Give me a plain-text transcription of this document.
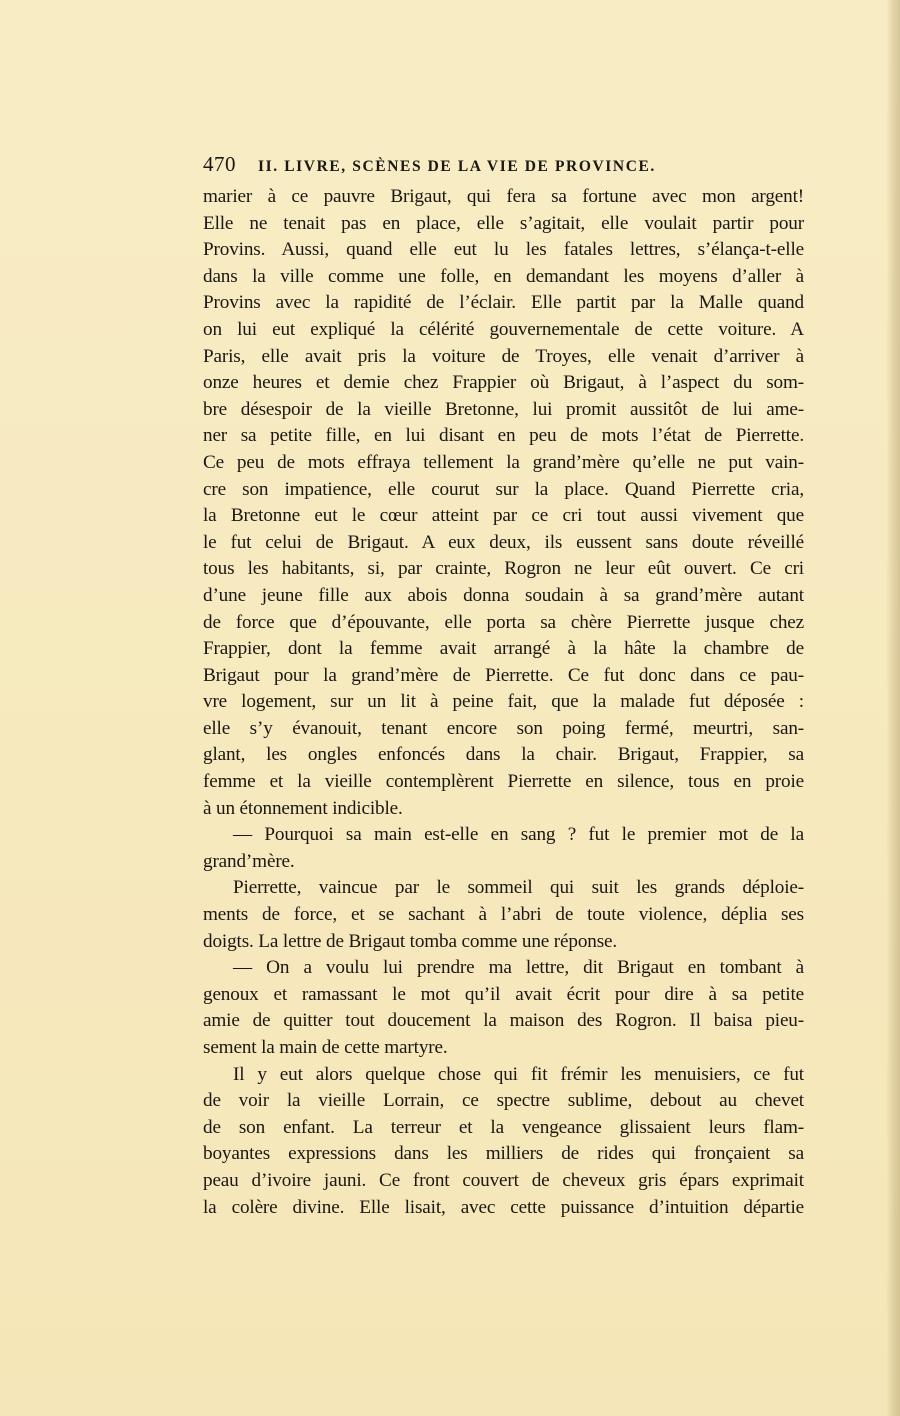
470 II. LIVRE, SCÈNES DE LA VIE DE PROVINCE.
marier à ce pauvre Brigaut, qui fera sa fortune avec mon argent!
Elle ne tenait pas en place, elle s’agitait, elle voulait partir pour
Provins. Aussi, quand elle eut lu les fatales lettres, s’élança-t-elle
dans la ville comme une folle, en demandant les moyens d’aller à
Provins avec la rapidité de l’éclair. Elle partit par la Malle quand
on lui eut expliqué la célérité gouvernementale de cette voiture. A
Paris, elle avait pris la voiture de Troyes, elle venait d’arriver à
onze heures et demie chez Frappier où Brigaut, à l’aspect du som-
bre désespoir de la vieille Bretonne, lui promit aussitôt de lui ame-
ner sa petite fille, en lui disant en peu de mots l’état de Pierrette.
Ce peu de mots effraya tellement la grand’mère qu’elle ne put vain-
cre son impatience, elle courut sur la place. Quand Pierrette cria,
la Bretonne eut le cœur atteint par ce cri tout aussi vivement que
le fut celui de Brigaut. A eux deux, ils eussent sans doute réveillé
tous les habitants, si, par crainte, Rogron ne leur eût ouvert. Ce cri
d’une jeune fille aux abois donna soudain à sa grand’mère autant
de force que d’épouvante, elle porta sa chère Pierrette jusque chez
Frappier, dont la femme avait arrangé à la hâte la chambre de
Brigaut pour la grand’mère de Pierrette. Ce fut donc dans ce pau-
vre logement, sur un lit à peine fait, que la malade fut déposée :
elle s’y évanouit, tenant encore son poing fermé, meurtri, san-
glant, les ongles enfoncés dans la chair. Brigaut, Frappier, sa
femme et la vieille contemplèrent Pierrette en silence, tous en proie
à un étonnement indicible.
— Pourquoi sa main est-elle en sang ? fut le premier mot de la
grand’mère.
Pierrette, vaincue par le sommeil qui suit les grands déploie-
ments de force, et se sachant à l’abri de toute violence, déplia ses
doigts. La lettre de Brigaut tomba comme une réponse.
— On a voulu lui prendre ma lettre, dit Brigaut en tombant à
genoux et ramassant le mot qu’il avait écrit pour dire à sa petite
amie de quitter tout doucement la maison des Rogron. Il baisa pieu-
sement la main de cette martyre.
Il y eut alors quelque chose qui fit frémir les menuisiers, ce fut
de voir la vieille Lorrain, ce spectre sublime, debout au chevet
de son enfant. La terreur et la vengeance glissaient leurs flam-
boyantes expressions dans les milliers de rides qui fronçaient sa
peau d’ivoire jauni. Ce front couvert de cheveux gris épars exprimait
la colère divine. Elle lisait, avec cette puissance d’intuition départie
